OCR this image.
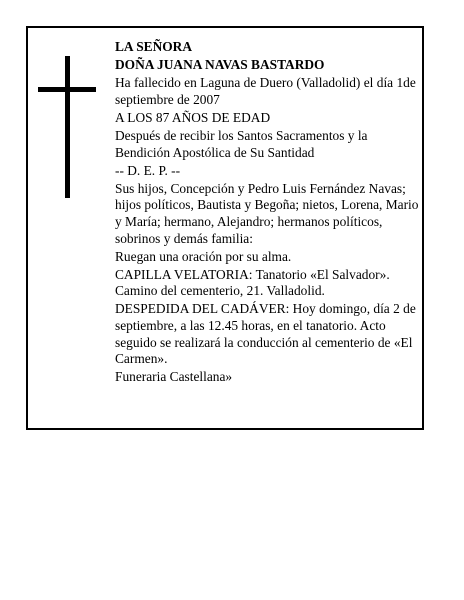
LA SEÑORA

DOÑA JUANA NAVAS BASTARDO

Ha fallecido en Laguna de Duero (Valladolid) el día 1de septiembre de 2007

A LOS 87 AÑOS DE EDAD

Después de recibir los Santos Sacramentos y la Bendición Apostólica de Su Santidad

-- D. E. P. --

Sus hijos, Concepción y Pedro Luis Fernández Navas; hijos políticos, Bautista y Begoña; nietos, Lorena, Mario y María; hermano, Alejandro; hermanos políticos, sobrinos y demás familia:

Ruegan una oración por su alma.

CAPILLA VELATORIA: Tanatorio «El Salvador». Camino del cementerio, 21. Valladolid.

DESPEDIDA DEL CADÁVER: Hoy domingo, día 2 de septiembre, a las 12.45 horas, en el tanatorio. Acto seguido se realizará la conducción al cementerio de «El Carmen».

Funeraria Castellana»
